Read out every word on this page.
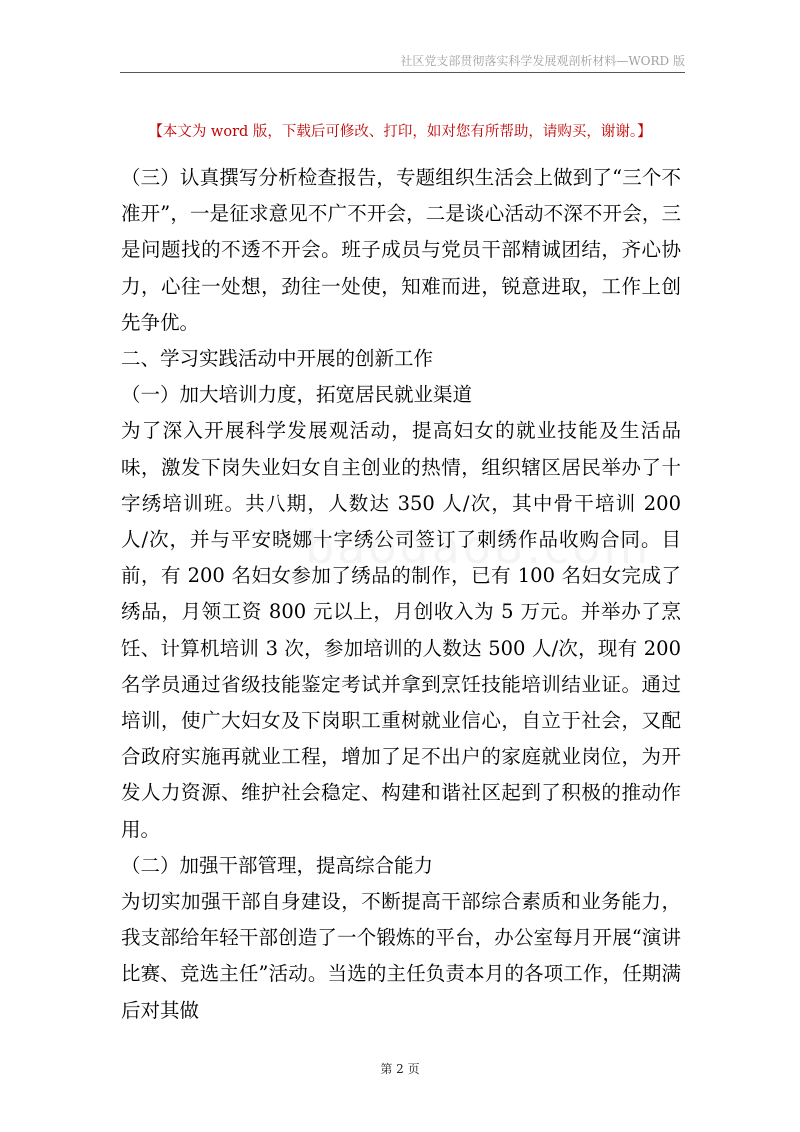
社区党支部贯彻落实科学发展观剖析材料—WORD 版
【本文为 word 版，下载后可修改、打印，如对您有所帮助，请购买，谢谢。】

（三）认真撰写分析检查报告，专题组织生活会上做到了“三个不准开”，一是征求意见不广不开会，二是谈心活动不深不开会，三是问题找的不透不开会。班子成员与党员干部精诚团结，齐心协力，心往一处想，劲往一处使，知难而进，锐意进取，工作上创先争优。

二、学习实践活动中开展的创新工作

（一）加大培训力度，拓宽居民就业渠道

为了深入开展科学发展观活动，提高妇女的就业技能及生活品味，激发下岗失业妇女自主创业的热情，组织辖区居民举办了十字绣培训班。共八期，人数达 350 人/次，其中骨干培训 200 人/次，并与平安晓娜十字绣公司签订了刺绣作品收购合同。目前，有 200 名妇女参加了绣品的制作，已有 100 名妇女完成了绣品，月领工资 800 元以上，月创收入为 5 万元。并举办了烹饪、计算机培训 3 次，参加培训的人数达 500 人/次，现有 200 名学员通过省级技能鉴定考试并拿到烹饪技能培训结业证。通过培训，使广大妇女及下岗职工重树就业信心，自立于社会，又配合政府实施再就业工程，增加了足不出户的家庭就业岗位，为开发人力资源、维护社会稳定、构建和谐社区起到了积极的推动作用。

（二）加强干部管理，提高综合能力

为切实加强干部自身建设，不断提高干部综合素质和业务能力，我支部给年轻干部创造了一个锻炼的平台，办公室每月开展“演讲比赛、竞选主任”活动。当选的主任负责本月的各项工作，任期满后对其做

第 2 页
